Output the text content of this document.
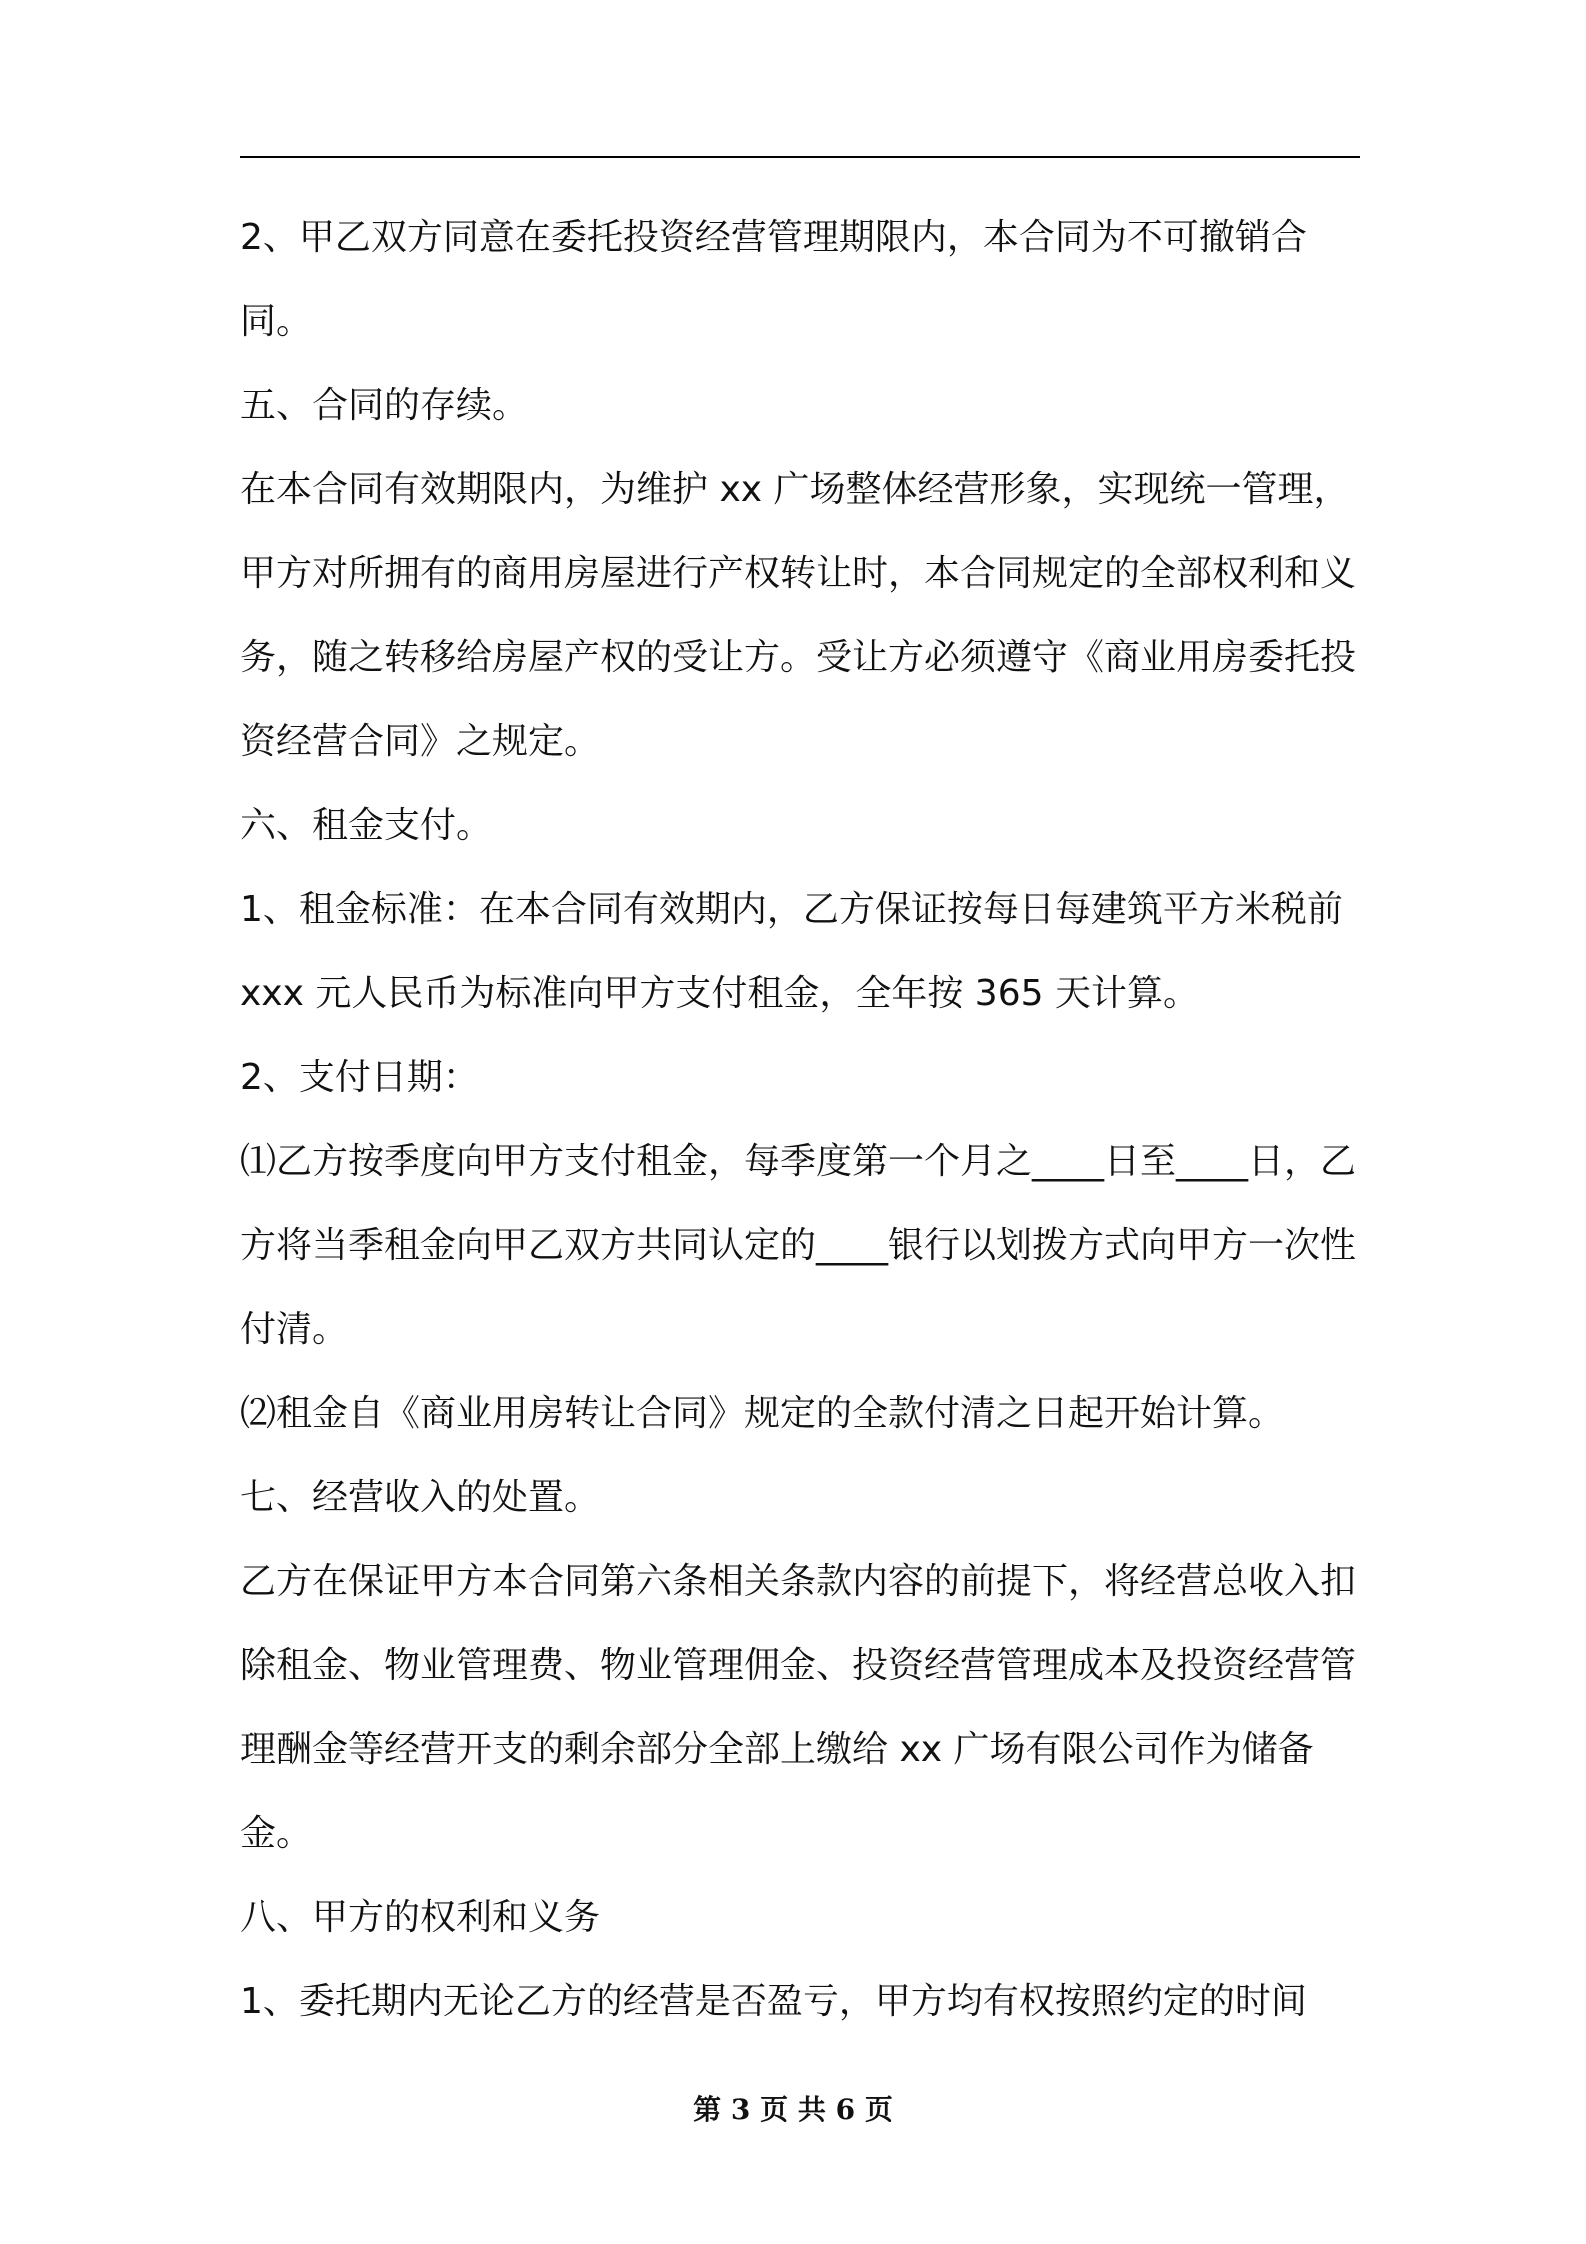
2、甲乙双方同意在委托投资经营管理期限内，本合同为不可撤销合同。

五、合同的存续。

在本合同有效期限内，为维护 xx 广场整体经营形象，实现统一管理，甲方对所拥有的商用房屋进行产权转让时，本合同规定的全部权利和义务，随之转移给房屋产权的受让方。受让方必须遵守《商业用房委托投资经营合同》之规定。

六、租金支付。

1、租金标准：在本合同有效期内，乙方保证按每日每建筑平方米税前 xxx 元人民币为标准向甲方支付租金，全年按 365 天计算。

2、支付日期：

⑴乙方按季度向甲方支付租金，每季度第一个月之____日至____日，乙方将当季租金向甲乙双方共同认定的____银行以划拨方式向甲方一次性付清。

⑵租金自《商业用房转让合同》规定的全款付清之日起开始计算。

七、经营收入的处置。

乙方在保证甲方本合同第六条相关条款内容的前提下，将经营总收入扣除租金、物业管理费、物业管理佣金、投资经营管理成本及投资经营管理酬金等经营开支的剩余部分全部上缴给 xx 广场有限公司作为储备金。

八、甲方的权利和义务

1、委托期内无论乙方的经营是否盈亏，甲方均有权按照约定的时间

第 3 页 共 6 页
